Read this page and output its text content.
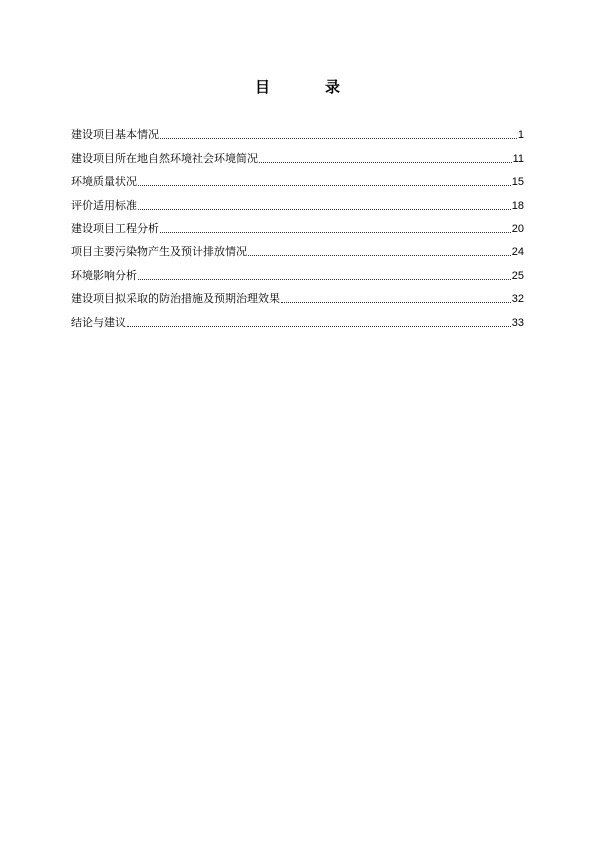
目　录
建设项目基本情况	1
建设项目所在地自然环境社会环境简况	11
环境质量状况	15
评价适用标准	18
建设项目工程分析	20
项目主要污染物产生及预计排放情况	24
环境影响分析	25
建设项目拟采取的防治措施及预期治理效果	32
结论与建议	33
